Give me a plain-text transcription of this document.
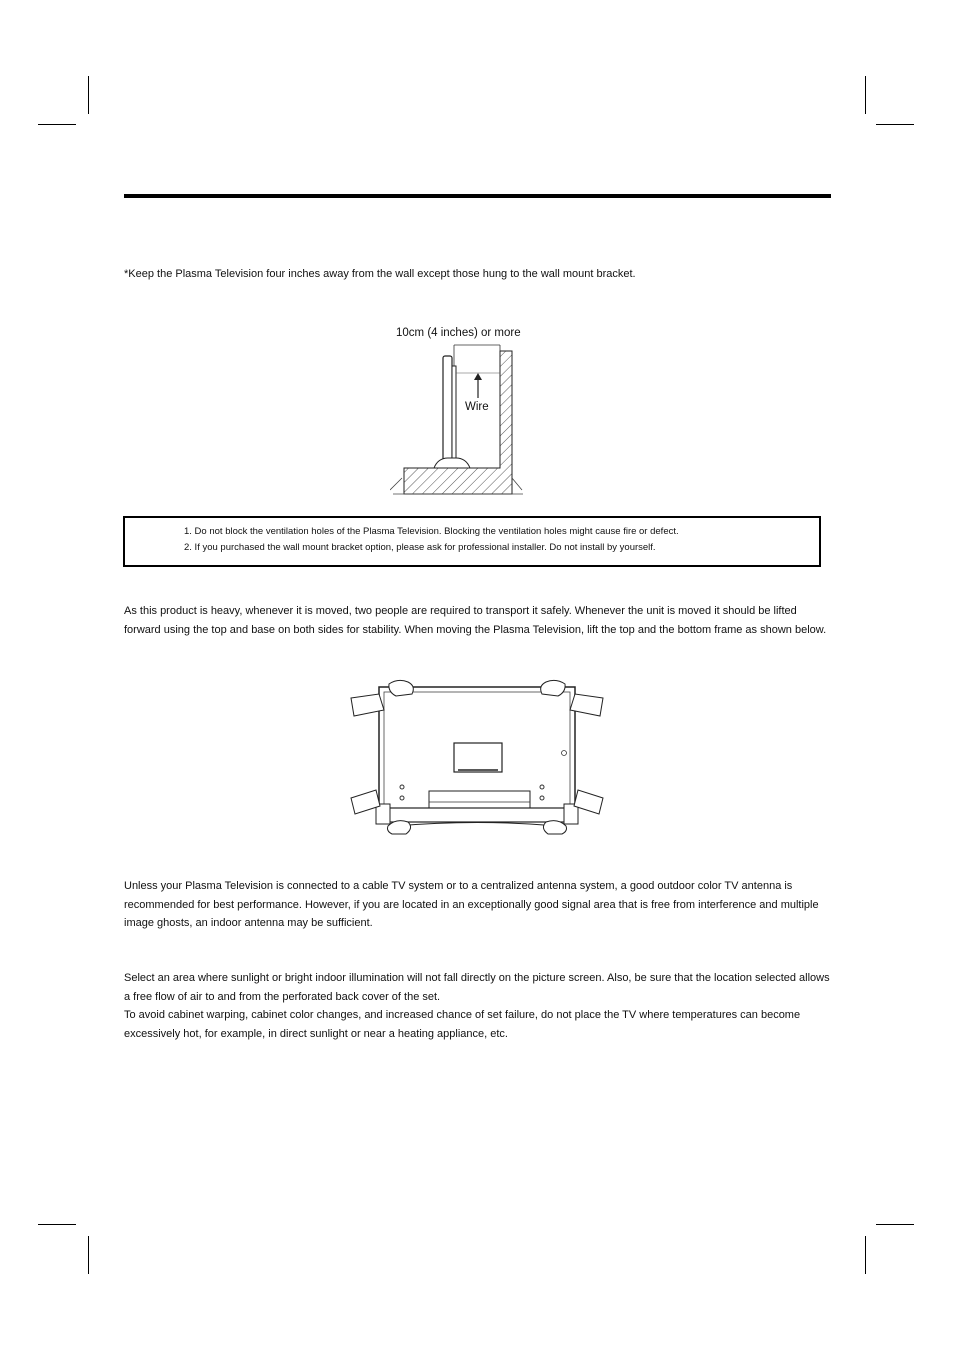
*Keep the Plasma Television four inches away from the wall except those hung to the wall mount bracket.

10cm (4 inches) or more
Wire
1. Do not block the ventilation holes of the Plasma Television. Blocking the ventilation holes might cause fire or defect.
2. If you purchased the wall mount bracket option, please ask for professional installer. Do not install by yourself.

As this product is heavy, whenever it is moved, two people are required to transport it safely. Whenever the unit is moved it should be lifted forward using the top and base on both sides for stability. When moving the Plasma Television, lift the top and the bottom frame as shown below.

Unless your Plasma Television is connected to a cable TV system or to a centralized antenna system, a good outdoor color TV antenna is recommended for best performance. However, if you are located in an exceptionally good signal area that is free from interference and multiple image ghosts, an indoor antenna may be sufficient.

Select an area where sunlight or bright indoor illumination will not fall directly on the picture screen. Also, be sure that the location selected allows a free flow of air to and from the perforated back cover of the set.

To avoid cabinet warping, cabinet color changes, and increased chance of set failure, do not place the TV where temperatures can become excessively hot, for example, in direct sunlight or near a heating appliance, etc.
